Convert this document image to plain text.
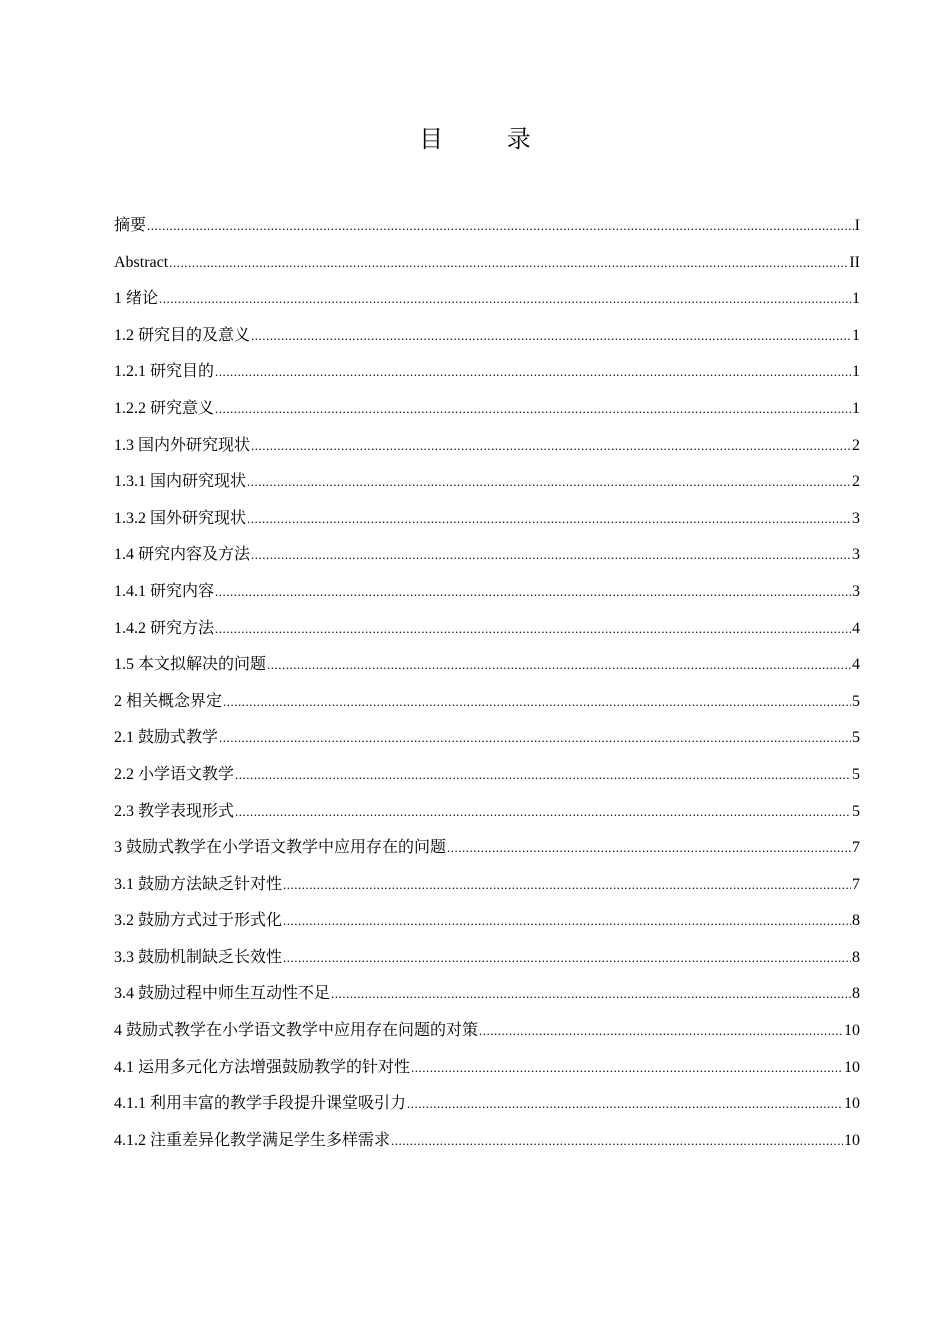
目 录
摘要 .....	I
Abstract .....	II
1 绪论 .....	1
1.2 研究目的及意义 .....	1
1.2.1 研究目的 .....	1
1.2.2 研究意义 .....	1
1.3 国内外研究现状 .....	2
1.3.1 国内研究现状 .....	2
1.3.2 国外研究现状 .....	3
1.4 研究内容及方法 .....	3
1.4.1 研究内容 .....	3
1.4.2 研究方法 .....	4
1.5 本文拟解决的问题 .....	4
2 相关概念界定 .....	5
2.1 鼓励式教学 .....	5
2.2 小学语文教学 .....	5
2.3 教学表现形式 .....	5
3 鼓励式教学在小学语文教学中应用存在的问题 .....	7
3.1 鼓励方法缺乏针对性 .....	7
3.2 鼓励方式过于形式化 .....	8
3.3 鼓励机制缺乏长效性 .....	8
3.4 鼓励过程中师生互动性不足 .....	8
4 鼓励式教学在小学语文教学中应用存在问题的对策 .....	10
4.1 运用多元化方法增强鼓励教学的针对性 .....	10
4.1.1 利用丰富的教学手段提升课堂吸引力 .....	10
4.1.2 注重差异化教学满足学生多样需求 .....	10
